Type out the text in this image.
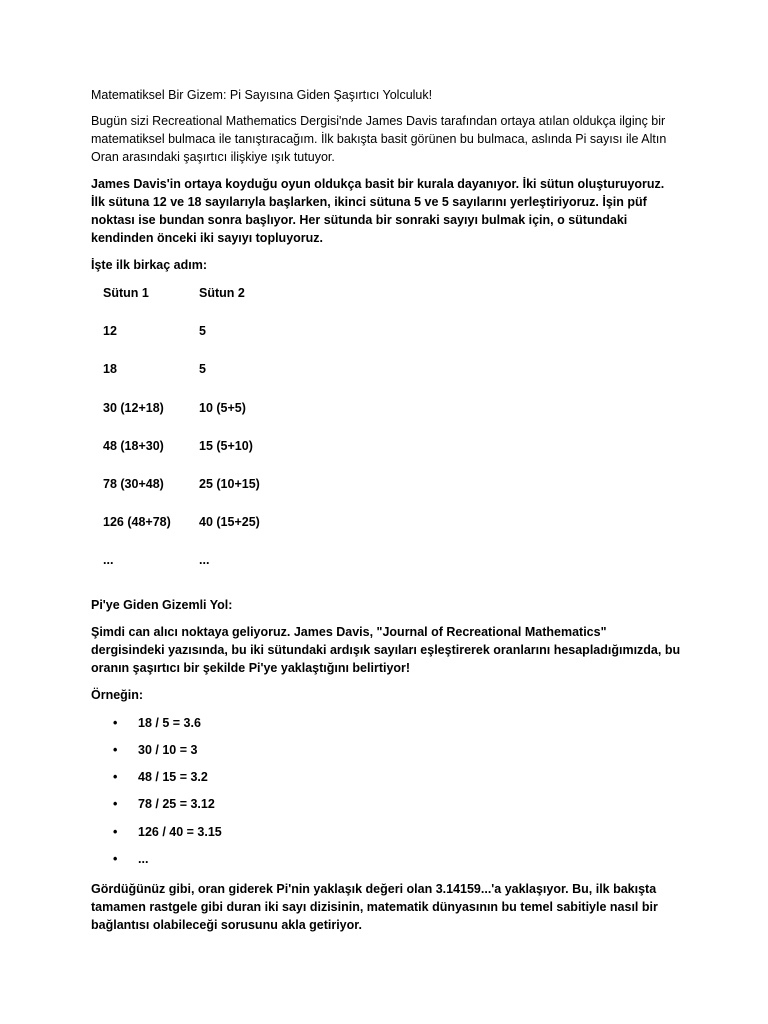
Matematiksel Bir Gizem: Pi Sayısına Giden Şaşırtıcı Yolculuk!

Bugün sizi Recreational Mathematics Dergisi'nde James Davis tarafından ortaya atılan oldukça ilginç bir matematiksel bulmaca ile tanıştıracağım. İlk bakışta basit görünen bu bulmaca, aslında Pi sayısı ile Altın Oran arasındaki şaşırtıcı ilişkiye ışık tutuyor.

James Davis'in ortaya koyduğu oyun oldukça basit bir kurala dayanıyor. İki sütun oluşturuyoruz. İlk sütuna 12 ve 18 sayılarıyla başlarken, ikinci sütuna 5 ve 5 sayılarını yerleştiriyoruz. İşin püf noktası ise bundan sonra başlıyor. Her sütunda bir sonraki sayıyı bulmak için, o sütundaki kendinden önceki iki sayıyı topluyoruz.

İşte ilk birkaç adım:

Sütun 1	Sütun 2
12	5
18	5
30 (12+18)	10 (5+5)
48 (18+30)	15 (5+10)
78 (30+48)	25 (10+15)
126 (48+78)	40 (15+25)
...	...

Pi'ye Giden Gizemli Yol:

Şimdi can alıcı noktaya geliyoruz. James Davis, "Journal of Recreational Mathematics" dergisindeki yazısında, bu iki sütundaki ardışık sayıları eşleştirerek oranlarını hesapladığımızda, bu oranın şaşırtıcı bir şekilde Pi'ye yaklaştığını belirtiyor!

Örneğin:

•	18 / 5 = 3.6
•	30 / 10 = 3
•	48 / 15 = 3.2
•	78 / 25 = 3.12
•	126 / 40 = 3.15
•	...

Gördüğünüz gibi, oran giderek Pi'nin yaklaşık değeri olan 3.14159...'a yaklaşıyor. Bu, ilk bakışta tamamen rastgele gibi duran iki sayı dizisinin, matematik dünyasının bu temel sabitiyle nasıl bir bağlantısı olabileceği sorusunu akla getiriyor.
